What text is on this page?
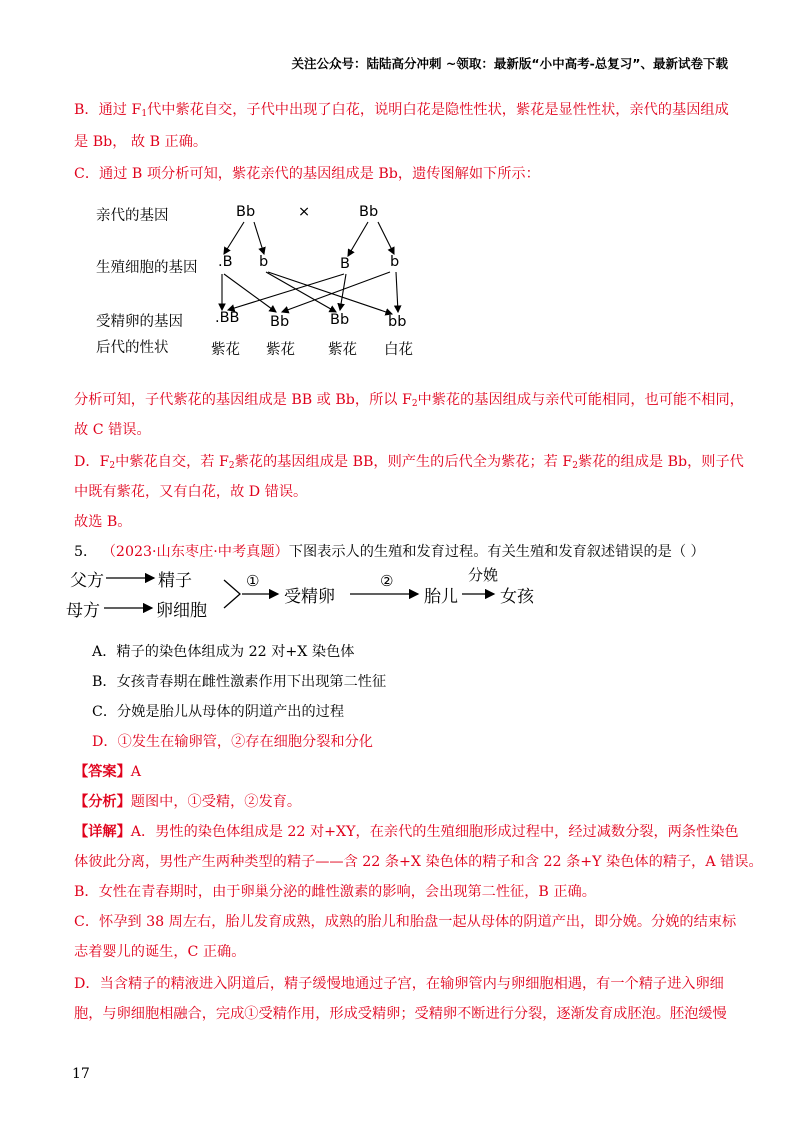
关注公众号：陆陆高分冲刺 ~领取：最新版“小中高考-总复习”、最新试卷下载
B．通过 $F_1$代中紫花自交，子代中出现了白花，说明白花是隐性性状，紫花是显性性状，亲代的基因组成
是 Bb， 故 B 正确。
C．通过 B 项分析可知，紫花亲代的基因组成是 Bb，遗传图解如下所示：
亲代的基因
生殖细胞的基因
受精卵的基因
后代的性状
Bb	×	Bb
.B b	B	b
.BB Bb	Bb	bb
紫花 紫花 紫花 白花
分析可知，子代紫花的基因组成是 BB 或 Bb，所以 $F_2$中紫花的基因组成与亲代可能相同，也可能不相同，
故 C 错误。
D．$F_2$中紫花自交，若 $F_2$紫花的基因组成是 BB，则产生的后代全为紫花；若 $F_2$紫花的组成是 Bb，则子代
中既有紫花，又有白花，故 D 错误。
故选 B。
5． （2023·山东枣庄·中考真题）下图表示人的生殖和发育过程。有关生殖和发育叙述错误的是（ ）
父方	精子
母方	卵细胞
①
受精卵
②
胎儿
分娩
女孩
A．精子的染色体组成为 22 对+X 染色体
B．女孩青春期在雌性激素作用下出现第二性征
C．分娩是胎儿从母体的阴道产出的过程
D．①发生在输卵管，②存在细胞分裂和分化
【答案】A
【分析】题图中，①受精，②发育。
【详解】A．男性的染色体组成是 22 对+XY，在亲代的生殖细胞形成过程中，经过减数分裂，两条性染色
体彼此分离，男性产生两种类型的精子——含 22 条+X 染色体的精子和含 22 条+Y 染色体的精子，A 错误。
B．女性在青春期时，由于卵巢分泌的雌性激素的影响，会出现第二性征，B 正确。
C．怀孕到 38 周左右，胎儿发育成熟，成熟的胎儿和胎盘一起从母体的阴道产出，即分娩。分娩的结束标
志着婴儿的诞生，C 正确。
D．当含精子的精液进入阴道后，精子缓慢地通过子宫，在输卵管内与卵细胞相遇，有一个精子进入卵细
胞，与卵细胞相融合，完成①受精作用，形成受精卵；受精卵不断进行分裂，逐渐发育成胚泡。胚泡缓慢
17
